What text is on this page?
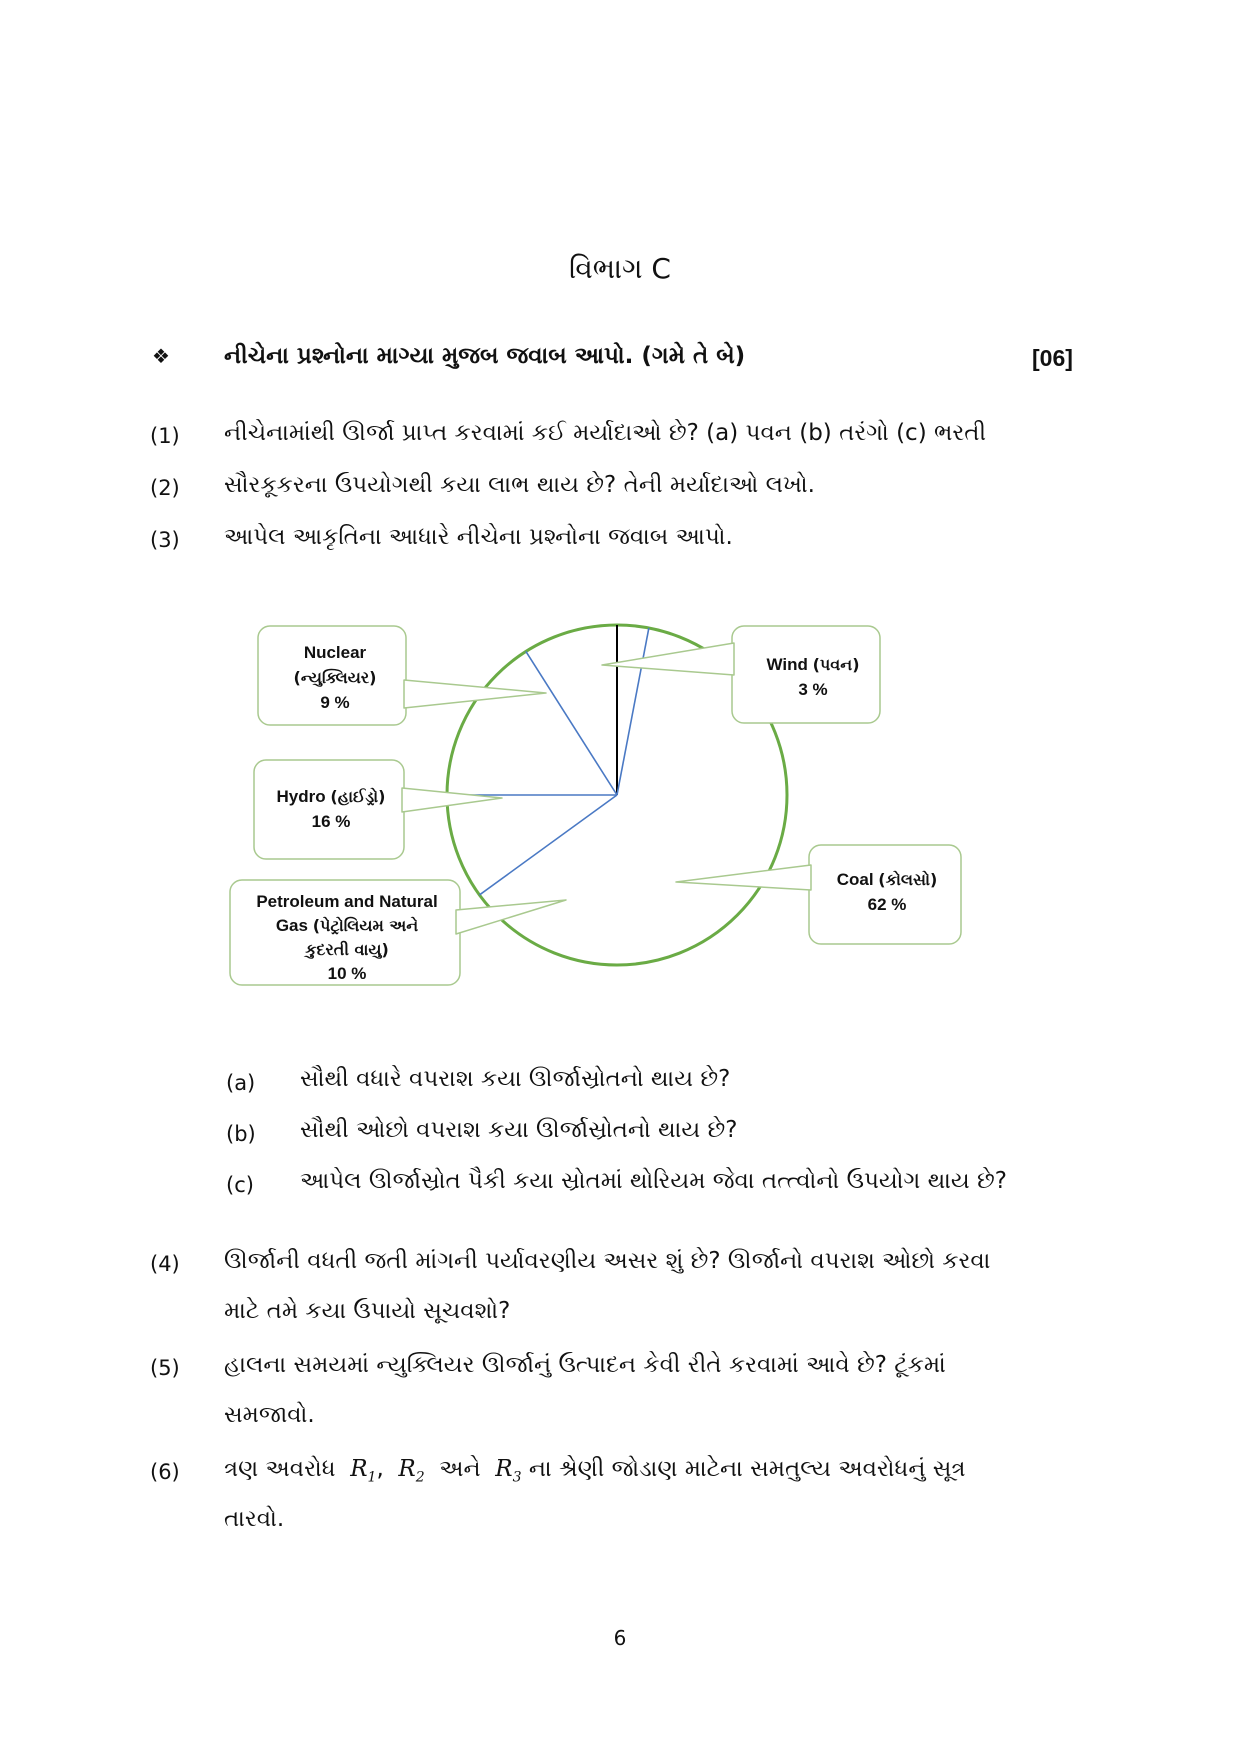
વિભાગ C
❖ નીચેના પ્રશ્નોના માગ્યા મુજબ જવાબ આપો. (ગમે તે બે)	[06]
(1) નીચેનામાંથી ઊર્જા પ્રાપ્ત કરવામાં કઈ મર્યાદાઓ છે? (a) પવન (b) તરંગો (c) ભરતી
(2) સૌરકૂકરના ઉપયોગથી કયા લાભ થાય છે? તેની મર્યાદાઓ લખો.
(3) આપેલ આકૃતિના આધારે નીચેના પ્રશ્નોના જવાબ આપો.
Nuclear
(ન્યુક્લિયર)
9 %
Wind (પવન)
3 %
Hydro (હાઈડ્રો)
16 %
Coal (કોલસો)
62 %
Petroleum and Natural
Gas (પેટ્રોલિયમ અને
કુદરતી વાયુ)
10 %
(a) સૌથી વધારે વપરાશ કયા ઊર્જાસ્રોતનો થાય છે?
(b) સૌથી ઓછો વપરાશ કયા ઊર્જાસ્રોતનો થાય છે?
(c) આપેલ ઊર્જાસ્રોત પૈકી કયા સ્રોતમાં થોરિયમ જેવા તત્ત્વોનો ઉપયોગ થાય છે?
(4) ઊર્જાની વધતી જતી માંગની પર્યાવરણીય અસર શું છે? ઊર્જાનો વપરાશ ઓછો કરવા
માટે તમે કયા ઉપાયો સૂચવશો?
(5) હાલના સમયમાં ન્યુક્લિયર ઊર્જાનું ઉત્પાદન કેવી રીતે કરવામાં આવે છે? ટૂંકમાં
સમજાવો.
(6) ત્રણ અવરોધ $R_1$,  $R_2$ અને $R_3$ ના શ્રેણી જોડાણ માટેના સમતુલ્ય અવરોધનું સૂત્ર
તારવો.
6
